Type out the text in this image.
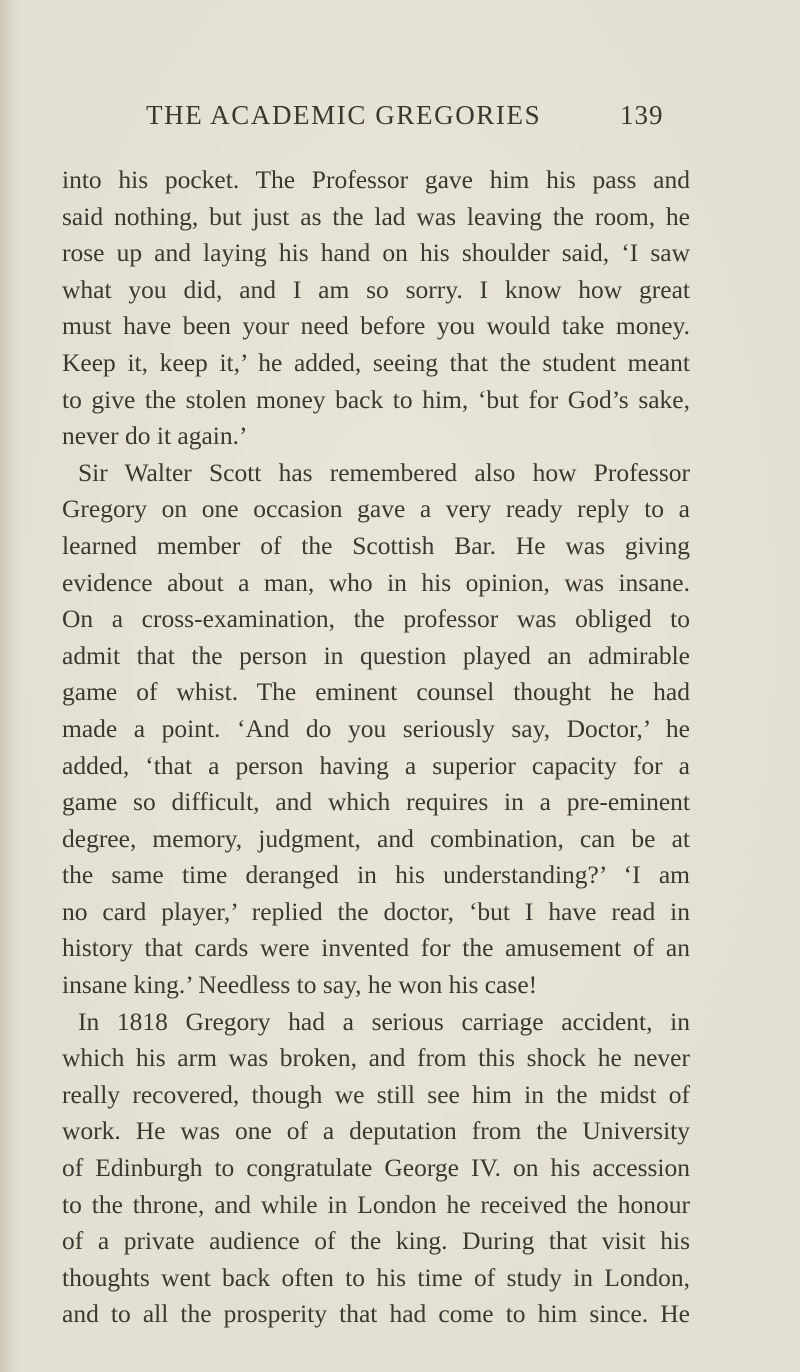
THE ACADEMIC GREGORIES	139
into his pocket. The Professor gave him his pass and
said nothing, but just as the lad was leaving the room, he
rose up and laying his hand on his shoulder said, ‘I saw
what you did, and I am so sorry. I know how great
must have been your need before you would take money.
Keep it, keep it,’ he added, seeing that the student meant
to give the stolen money back to him, ‘but for God’s sake,
never do it again.’
Sir Walter Scott has remembered also how Professor
Gregory on one occasion gave a very ready reply to a
learned member of the Scottish Bar. He was giving
evidence about a man, who in his opinion, was insane.
On a cross-examination, the professor was obliged to
admit that the person in question played an admirable
game of whist. The eminent counsel thought he had
made a point. ‘And do you seriously say, Doctor,’ he
added, ‘that a person having a superior capacity for a
game so difficult, and which requires in a pre-eminent
degree, memory, judgment, and combination, can be at
the same time deranged in his understanding?’ ‘I am
no card player,’ replied the doctor, ‘but I have read in
history that cards were invented for the amusement of an
insane king.’ Needless to say, he won his case!
In 1818 Gregory had a serious carriage accident, in
which his arm was broken, and from this shock he never
really recovered, though we still see him in the midst of
work. He was one of a deputation from the University
of Edinburgh to congratulate George IV. on his accession
to the throne, and while in London he received the honour
of a private audience of the king. During that visit his
thoughts went back often to his time of study in London,
and to all the prosperity that had come to him since. He
